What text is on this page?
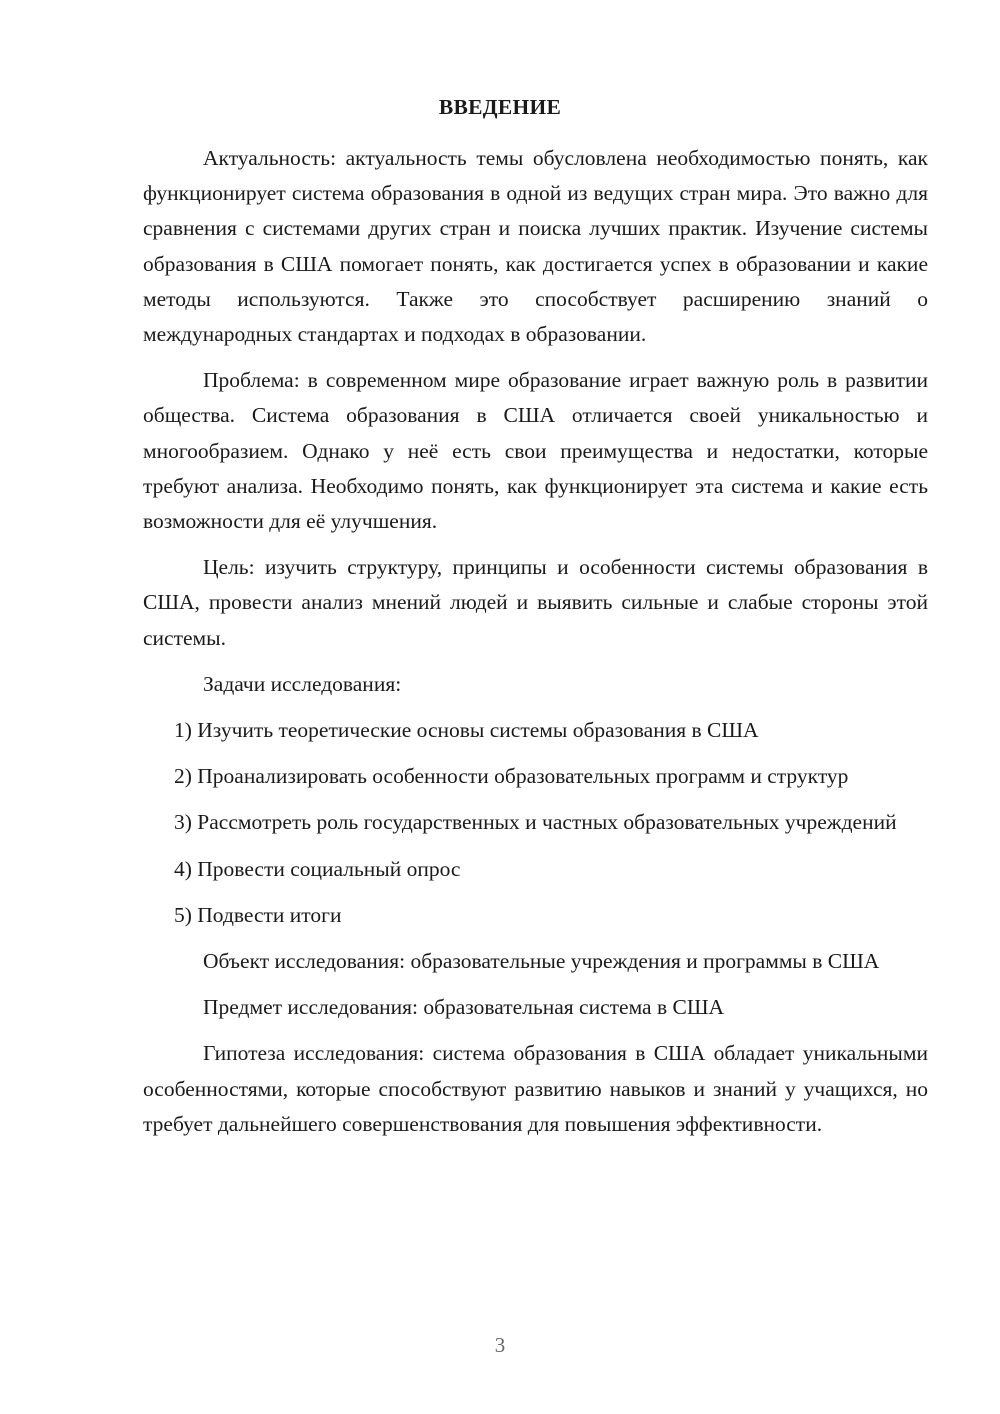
ВВЕДЕНИЕ

Актуальность: актуальность темы обусловлена необходимостью понять, как функционирует система образования в одной из ведущих стран мира. Это важно для сравнения с системами других стран и поиска лучших практик. Изучение системы образования в США помогает понять, как достигается успех в образовании и какие методы используются. Также это способствует расширению знаний о международных стандартах и подходах в образовании.

Проблема: в современном мире образование играет важную роль в развитии общества. Система образования в США отличается своей уникальностью и многообразием. Однако у неё есть свои преимущества и недостатки, которые требуют анализа. Необходимо понять, как функционирует эта система и какие есть возможности для её улучшения.

Цель: изучить структуру, принципы и особенности системы образования в США, провести анализ мнений людей и выявить сильные и слабые стороны этой системы.

Задачи исследования:

1) Изучить теоретические основы системы образования в США

2) Проанализировать особенности образовательных программ и структур

3) Рассмотреть роль государственных и частных образовательных учреждений

4) Провести социальный опрос

5) Подвести итоги

Объект исследования: образовательные учреждения и программы в США

Предмет исследования: образовательная система в США

Гипотеза исследования: система образования в США обладает уникальными особенностями, которые способствуют развитию навыков и знаний у учащихся, но требует дальнейшего совершенствования для повышения эффективности.

3
